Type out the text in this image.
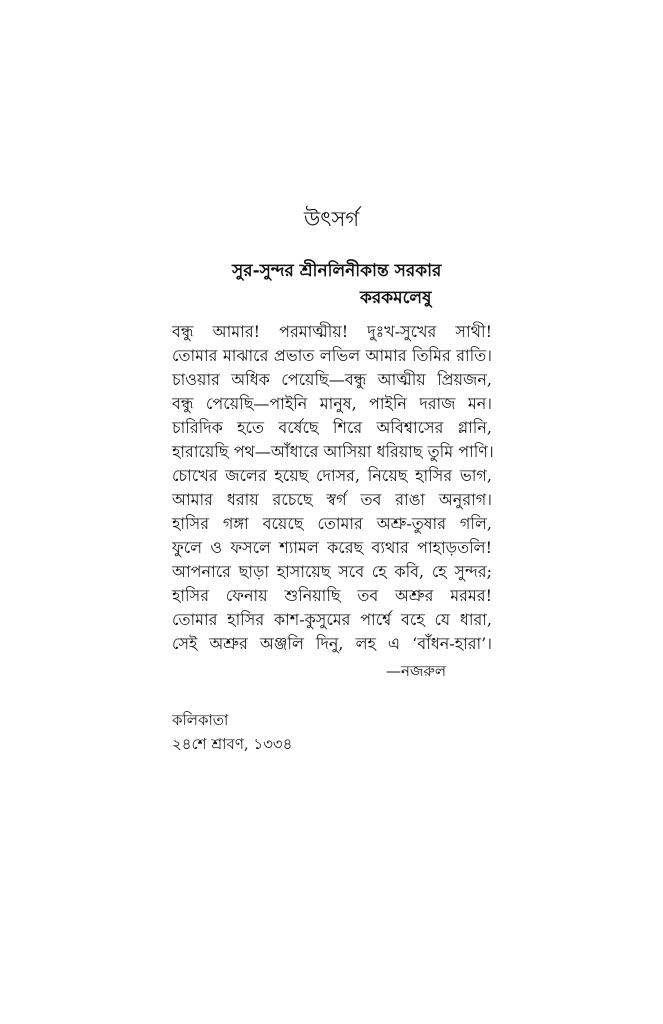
উৎসর্গ
সুর-সুন্দর শ্রীনলিনীকান্ত সরকার
করকমলেষু
বন্ধু আমার! পরমাত্মীয়! দুঃখ-সুখের সাথী!
তোমার মাঝারে প্রভাত লভিল আমার তিমির রাতি।
চাওয়ার অধিক পেয়েছি—বন্ধু আত্মীয় প্রিয়জন,
বন্ধু পেয়েছি—পাইনি মানুষ, পাইনি দরাজ মন।
চারিদিক হতে বর্ষেছে শিরে অবিশ্বাসের গ্লানি,
হারায়েছি পথ—আঁধারে আসিয়া ধরিয়াছ তুমি পাণি।
চোখের জলের হয়েছ দোসর, নিয়েছ হাসির ভাগ,
আমার ধরায় রচেছে স্বর্গ তব রাঙা অনুরাগ।
হাসির গঙ্গা বয়েছে তোমার অশ্রু-তুষার গলি,
ফুলে ও ফসলে শ্যামল করেছ ব্যথার পাহাড়তলি!
আপনারে ছাড়া হাসায়েছ সবে হে কবি, হে সুন্দর;
হাসির ফেনায় শুনিয়াছি তব অশ্রুর মরমর!
তোমার হাসির কাশ-কুসুমের পার্শ্বে বহে যে ধারা,
সেই অশ্রুর অঞ্জলি দিনু, লহ এ ‘বাঁধন-হারা’।
—নজরুল
কলিকাতা
২৪শে শ্রাবণ, ১৩৩৪
